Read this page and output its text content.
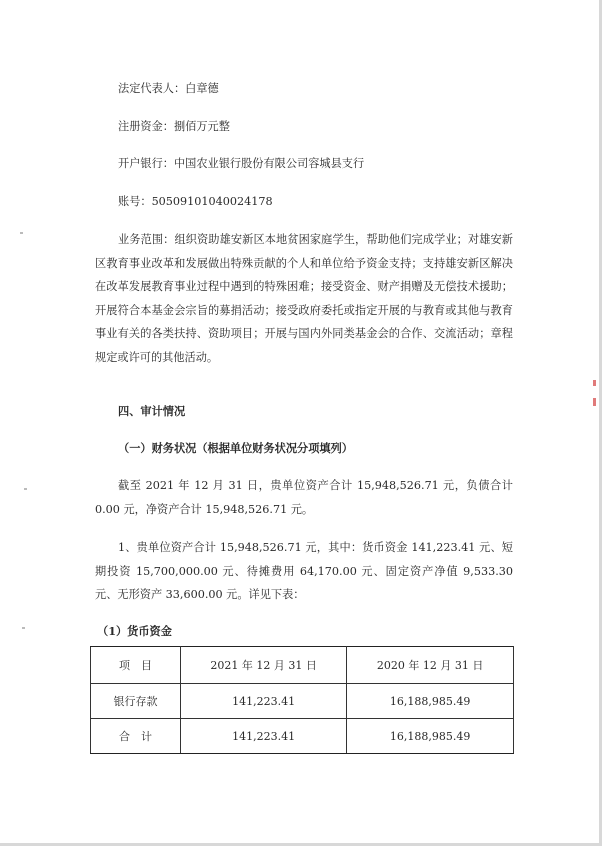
法定代表人：白章德
注册资金：捌佰万元整
开户银行：中国农业银行股份有限公司容城县支行
账号：50509101040024178
业务范围：组织资助雄安新区本地贫困家庭学生，帮助他们完成学业；对雄安新区教育事业改革和发展做出特殊贡献的个人和单位给予资金支持；支持雄安新区解决在改革发展教育事业过程中遇到的特殊困难；接受资金、财产捐赠及无偿技术援助；开展符合本基金会宗旨的募捐活动；接受政府委托或指定开展的与教育或其他与教育事业有关的各类扶持、资助项目；开展与国内外同类基金会的合作、交流活动；章程规定或许可的其他活动。
四、审计情况
（一）财务状况（根据单位财务状况分项填列）
截至 2021 年 12 月 31 日，贵单位资产合计 15,948,526.71 元，负债合计 0.00 元，净资产合计 15,948,526.71 元。
1、贵单位资产合计 15,948,526.71 元，其中：货币资金 141,223.41 元、短期投资 15,700,000.00 元、待摊费用 64,170.00 元、固定资产净值 9,533.30 元、无形资产 33,600.00 元。详见下表：
（1）货币资金
项　目	2021 年 12 月 31 日	2020 年 12 月 31 日
银行存款	141,223.41	16,188,985.49
合　计	141,223.41	16,188,985.49
